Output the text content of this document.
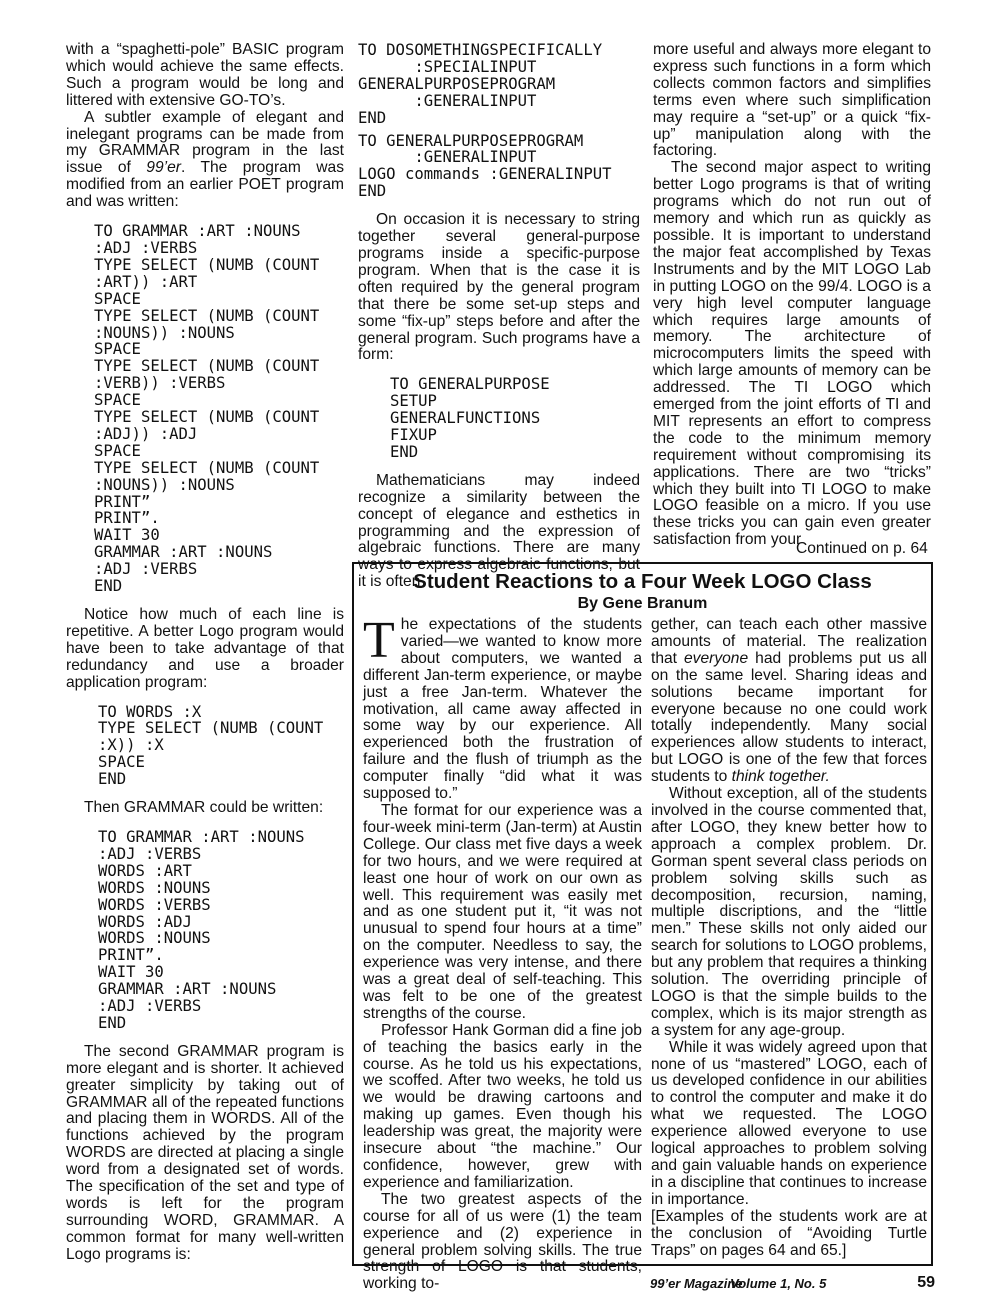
with a “spaghetti-pole” BASIC program which would achieve the same effects. Such a program would be long and littered with extensive GO-TO’s.

A subtler example of elegant and inelegant programs can be made from my GRAMMAR program in the last issue of 99’er. The program was modified from an earlier POET program and was written:

TO GRAMMAR :ART :NOUNS
:ADJ :VERBS
TYPE SELECT (NUMB (COUNT
:ART)) :ART
SPACE
TYPE SELECT (NUMB (COUNT
:NOUNS)) :NOUNS
SPACE
TYPE SELECT (NUMB (COUNT
:VERB)) :VERBS
SPACE
TYPE SELECT (NUMB (COUNT
:ADJ)) :ADJ
SPACE
TYPE SELECT (NUMB (COUNT
:NOUNS)) :NOUNS
PRINT”
PRINT”.
WAIT 30
GRAMMAR :ART :NOUNS
:ADJ :VERBS
END

Notice how much of each line is repetitive. A better Logo program would have been to take advantage of that redundancy and use a broader application program:

TO WORDS :X
TYPE SELECT (NUMB (COUNT
:X)) :X
SPACE
END

Then GRAMMAR could be written:

TO GRAMMAR :ART :NOUNS
:ADJ :VERBS
WORDS :ART
WORDS :NOUNS
WORDS :VERBS
WORDS :ADJ
WORDS :NOUNS
PRINT”.
WAIT 30
GRAMMAR :ART :NOUNS
:ADJ :VERBS
END

The second GRAMMAR program is more elegant and is shorter. It achieved greater simplicity by taking out of GRAMMAR all of the repeated functions and placing them in WORDS. All of the functions achieved by the program WORDS are directed at placing a single word from a designated set of words. The specification of the set and type of words is left for the program surrounding WORD, GRAMMAR. A common format for many well-written Logo programs is:

TO DOSOMETHINGSPECIFICALLY
:SPECIALINPUT
GENERALPURPOSEPROGRAM
:GENERALINPUT
END
TO GENERALPURPOSEPROGRAM
:GENERALINPUT
LOGO commands :GENERALINPUT
END

On occasion it is necessary to string together several general-purpose programs inside a specific-purpose program. When that is the case it is often required by the general program that there be some set-up steps and some “fix-up” steps before and after the general program. Such programs have a form:

TO GENERALPURPOSE
SETUP
GENERALFUNCTIONS
FIXUP
END

Mathematicians may indeed recognize a similarity between the concept of elegance and esthetics in programming and the expression of algebraic functions. There are many ways to express algebraic functions, but it is often

more useful and always more elegant to express such functions in a form which collects common factors and simplifies terms even where such simplification may require a “set-up” or a quick “fix-up” manipulation along with the factoring.

The second major aspect to writing better Logo programs is that of writing programs which do not run out of memory and which run as quickly as possible. It is important to understand the major feat accomplished by Texas Instruments and by the MIT LOGO Lab in putting LOGO on the 99/4. LOGO is a very high level computer language which requires large amounts of memory. The architecture of microcomputers limits the speed with which large amounts of memory can be addressed. The TI LOGO which emerged from the joint efforts of TI and MIT represents an effort to compress the code to the minimum memory requirement without compromising its applications. There are two “tricks” which they built into TI LOGO to make LOGO feasible on a micro. If you use these tricks you can gain even greater satisfaction from your

Continued on p. 64
Student Reactions to a Four Week LOGO Class
By Gene Branum

The expectations of the students varied—we wanted to know more about computers, we wanted a different Jan-term experience, or maybe just a free Jan-term. Whatever the motivation, all came away affected in some way by our experience. All experienced both the frustration of failure and the flush of triumph as the computer finally “did what it was supposed to.”

The format for our experience was a four-week mini-term (Jan-term) at Austin College. Our class met five days a week for two hours, and we were required at least one hour of work on our own as well. This requirement was easily met and as one student put it, “it was not unusual to spend four hours at a time” on the computer. Needless to say, the experience was very intense, and there was a great deal of self-teaching. This was felt to be one of the greatest strengths of the course.

Professor Hank Gorman did a fine job of teaching the basics early in the course. As he told us his expectations, we scoffed. After two weeks, he told us we would be drawing cartoons and making up games. Even though his leadership was great, the majority were insecure about “the machine.” Our confidence, however, grew with experience and familiarization.

The two greatest aspects of the course for all of us were (1) the team experience and (2) experience in general problem solving skills. The true strength of LOGO is that students, working to-

gether, can teach each other massive amounts of material. The realization that everyone had problems put us all on the same level. Sharing ideas and solutions became important for everyone because no one could work totally independently. Many social experiences allow students to interact, but LOGO is one of the few that forces students to think together.

Without exception, all of the students involved in the course commented that, after LOGO, they knew better how to approach a complex problem. Dr. Gorman spent several class periods on problem solving skills such as decomposition, recursion, naming, multiple discriptions, and the “little men.” These skills not only aided our search for solutions to LOGO problems, but any problem that requires a thinking solution. The overriding principle of LOGO is that the simple builds to the complex, which is its major strength as a system for any age-group.

While it was widely agreed upon that none of us “mastered” LOGO, each of us developed confidence in our abilities to control the computer and make it do what we requested. The LOGO experience allowed everyone to use logical approaches to problem solving and gain valuable hands on experience in a discipline that continues to increase in importance.

[Examples of the students work are at the conclusion of “Avoiding Turtle Traps” on pages 64 and 65.]

99’er Magazine
Volume 1, No. 5	59
